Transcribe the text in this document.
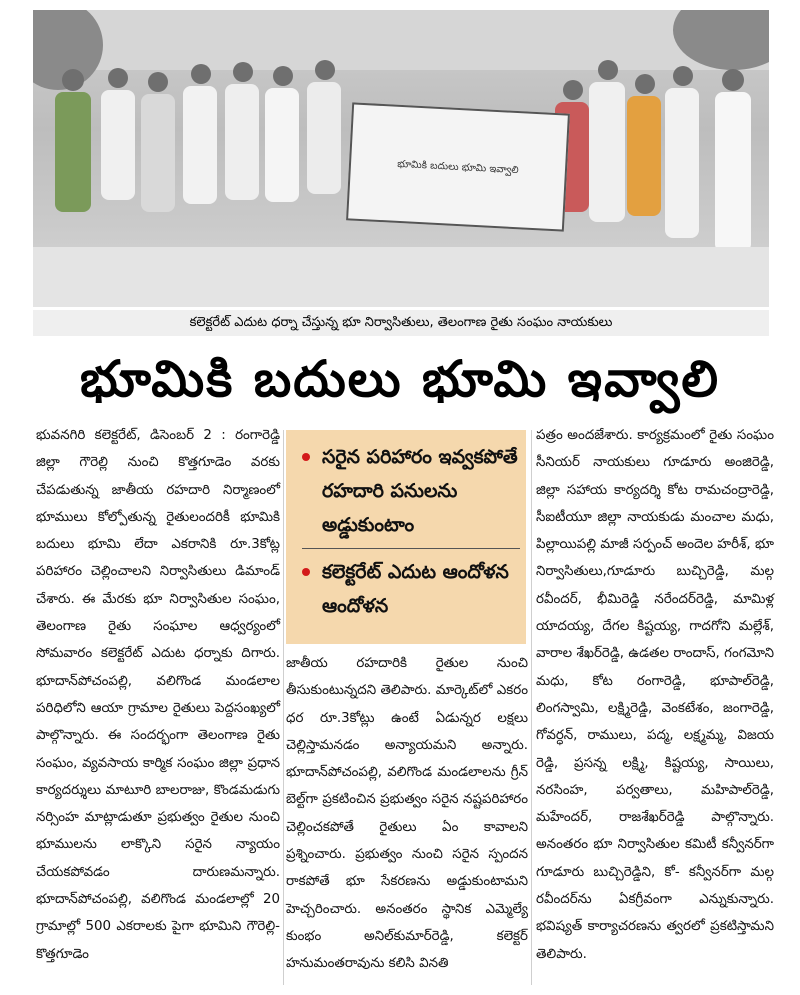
భూమికి బదులు భూమి ఇవ్వాలి
కలెక్టరేట్ ఎదుట ధర్నా చేస్తున్న భూ నిర్వాసితులు, తెలంగాణ రైతు సంఘం నాయకులు
భూమికి బదులు భూమి ఇవ్వాలి

భువనగిరి కలెక్టరేట్, డిసెంబర్ 2 : రంగారెడ్డి జిల్లా గౌరెల్లి నుంచి కొత్తగూడెం వరకు చేపడుతున్న జాతీయ రహదారి నిర్మాణంలో భూములు కోల్పోతున్న రైతులందరికీ భూమికి బదులు భూమి లేదా ఎకరానికి రూ.3కోట్ల పరిహారం చెల్లించాలని నిర్వాసితులు డిమాండ్ చేశారు. ఈ మేరకు భూ నిర్వాసితుల సంఘం, తెలంగాణ రైతు సంఘాల ఆధ్వర్యంలో సోమవారం కలెక్టరేట్ ఎదుట ధర్నాకు దిగారు. భూదాన్‌పోచంపల్లి, వలిగొండ మండలాల పరిధిలోని ఆయా గ్రామాల రైతులు పెద్దసంఖ్యలో పాల్గొన్నారు. ఈ సందర్భంగా తెలంగాణ రైతు సంఘం, వ్యవసాయ కార్మిక సంఘం జిల్లా ప్రధాన కార్యదర్శులు మాటూరి బాలరాజు, కొండమడుగు నర్సింహ మాట్లాడుతూ ప్రభుత్వం రైతుల నుంచి భూములను లాక్కొని సరైన న్యాయం చేయకపోవడం దారుణమన్నారు. భూదాన్‌పోచంపల్లి, వలిగొండ మండలాల్లో 20 గ్రామాల్లో 500 ఎకరాలకు పైగా భూమిని గౌరెల్లి-కొత్తగూడెం

సరైన పరిహారం ఇవ్వకపోతే రహదారి పనులను అడ్డుకుంటాం
కలెక్టరేట్ ఎదుట ఆందోళన ఆందోళన

జాతీయ రహదారికి రైతుల నుంచి తీసుకుంటున్నదని తెలిపారు. మార్కెట్‌లో ఎకరం ధర రూ.3కోట్లు ఉంటే ఏడున్నర లక్షలు చెల్లిస్తామనడం అన్యాయమని అన్నారు. భూదాన్‌పోచంపల్లి, వలిగొండ మండలాలను గ్రీన్ బెల్ట్‌గా ప్రకటించిన ప్రభుత్వం సరైన నష్టపరిహారం చెల్లించకపోతే రైతులు ఏం కావాలని ప్రశ్నించారు. ప్రభుత్వం నుంచి సరైన స్పందన రాకపోతే భూ సేకరణను అడ్డుకుంటామని హెచ్చరించారు. అనంతరం స్థానిక ఎమ్మెల్యే కుంభం అనిల్‌కుమార్‌రెడ్డి, కలెక్టర్ హనుమంతరావును కలిసి వినతి

పత్రం అందజేశారు. కార్యక్రమంలో రైతు సంఘం సీనియర్ నాయకులు గూడూరు అంజిరెడ్డి, జిల్లా సహాయ కార్యదర్శి కోట రామచంద్రారెడ్డి, సీఐటీయూ జిల్లా నాయకుడు మంచాల మధు, పిల్లాయిపల్లి మాజీ సర్పంచ్ అందెల హరీశ్, భూ నిర్వాసితులు,గూడూరు బుచ్చిరెడ్డి, మల్గ రవీందర్, భీమిరెడ్డి నరేందర్‌రెడ్డి, మామిళ్ల యాదయ్య, దేగల కిష్టయ్య, గాదగోని మల్లేశ్, వారాల శేఖర్‌రెడ్డి, ఉడతల రాందాస్, గంగమోని మధు, కోట రంగారెడ్డి, భూపాల్‌రెడ్డి, లింగస్వామి, లక్ష్మిరెడ్డి, వెంకటేశం, జంగారెడ్డి, గోవర్ధన్, రాములు, పద్మ, లక్ష్మమ్మ, విజయ రెడ్డి, ప్రసన్న లక్ష్మి, కిష్టయ్య, సాయిలు, నరసింహ, పర్వతాలు, మహిపాల్‌రెడ్డి, మహేందర్, రాజశేఖర్‌రెడ్డి పాల్గొన్నారు. అనంతరం భూ నిర్వాసితుల కమిటీ కన్వీనర్‌గా గూడూరు బుచ్చిరెడ్డిని, కో- కన్వీనర్‌గా మల్గ రవీందర్‌ను ఏకగ్రీవంగా ఎన్నుకున్నారు. భవిష్యత్ కార్యాచరణను త్వరలో ప్రకటిస్తామని తెలిపారు.
